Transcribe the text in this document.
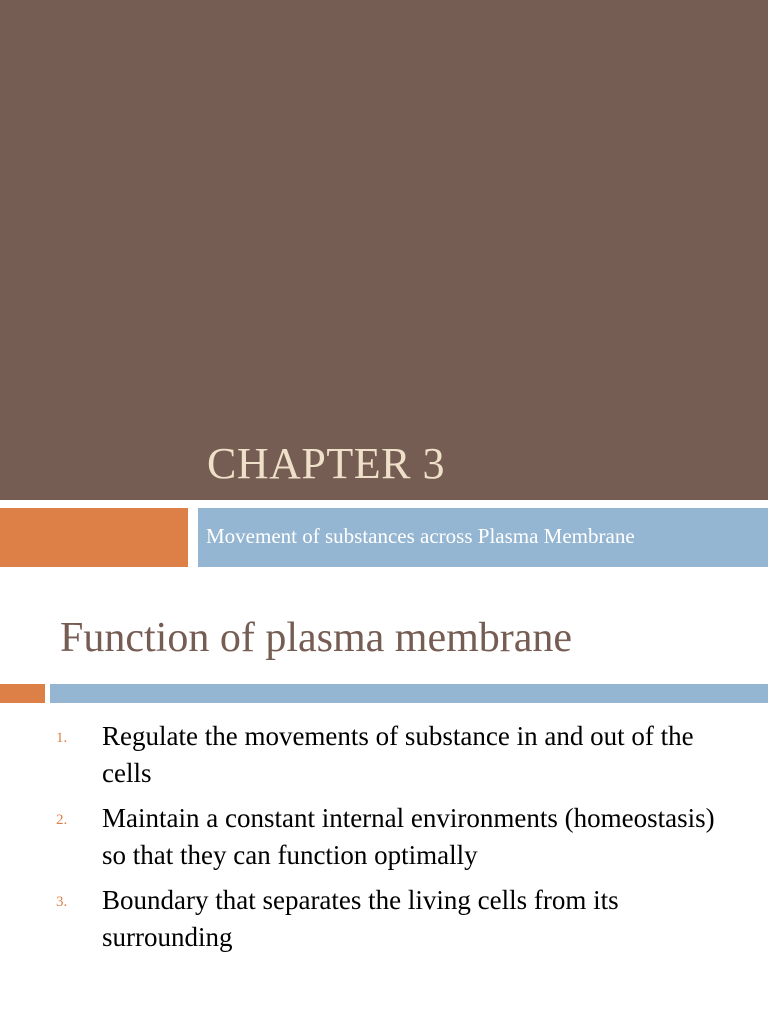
CHAPTER 3
Movement of substances across Plasma Membrane
Function of plasma membrane
1. Regulate the movements of substance in and out of the cells
2. Maintain a constant internal environments (homeostasis) so that they can function optimally
3. Boundary that separates the living cells from its surrounding
